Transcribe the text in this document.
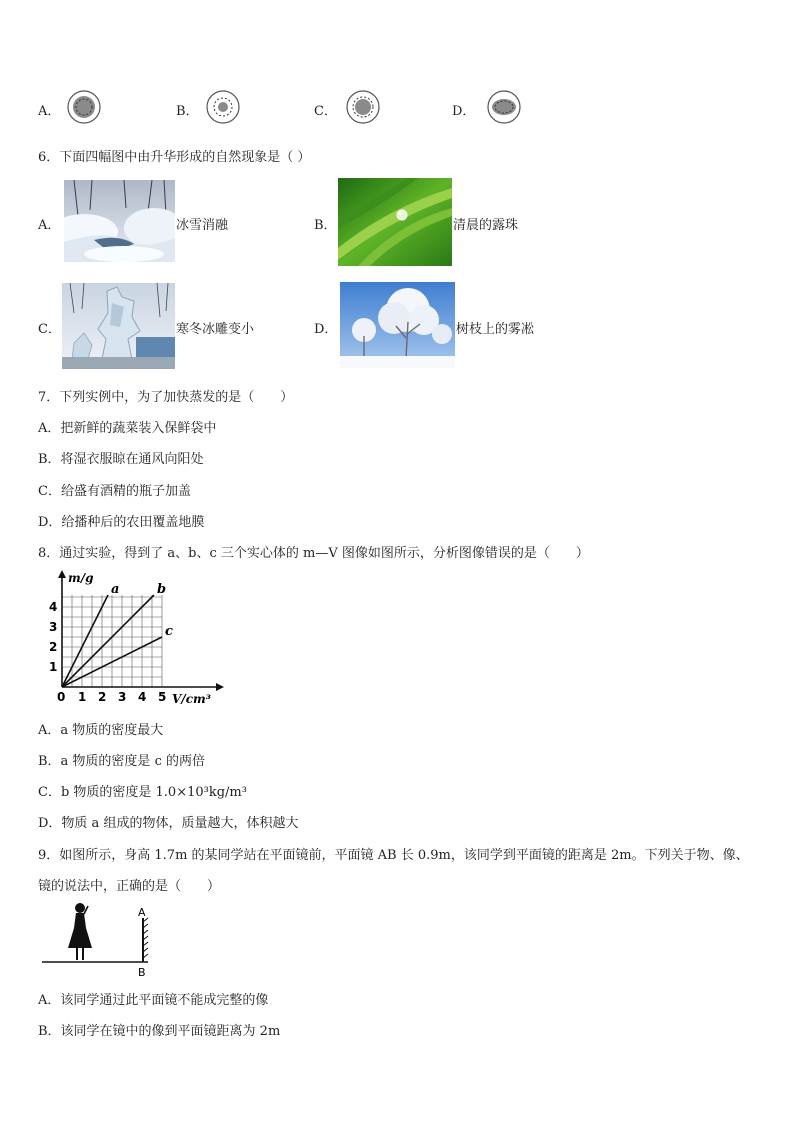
A．	B．	C．	D．
6．下面四幅图中由升华形成的自然现象是（ ）
A．	冰雪消融	B．	清晨的露珠
C．	寒冬冰雕变小	D．	树枝上的雾凇
7．下列实例中，为了加快蒸发的是（　　）
A．把新鲜的蔬菜装入保鲜袋中
B．将湿衣服晾在通风向阳处
C．给盛有酒精的瓶子加盖
D．给播种后的农田覆盖地膜
8．通过实验，得到了 a、b、c 三个实心体的 m—V 图像如图所示，分析图像错误的是（　　）
m/g
V/cm³
0 1 2 3 4 5
1
2
3
4
a	b
c
A．a 物质的密度最大
B．a 物质的密度是 c 的两倍
C．b 物质的密度是 1.0×10³kg/m³
D．物质 a 组成的物体，质量越大，体积越大
9．如图所示，身高 1.7m 的某同学站在平面镜前，平面镜 AB 长 0.9m，该同学到平面镜的距离是 2m。下列关于物、像、
镜的说法中，正确的是（　　）
A
B
A．该同学通过此平面镜不能成完整的像
B．该同学在镜中的像到平面镜距离为 2m
